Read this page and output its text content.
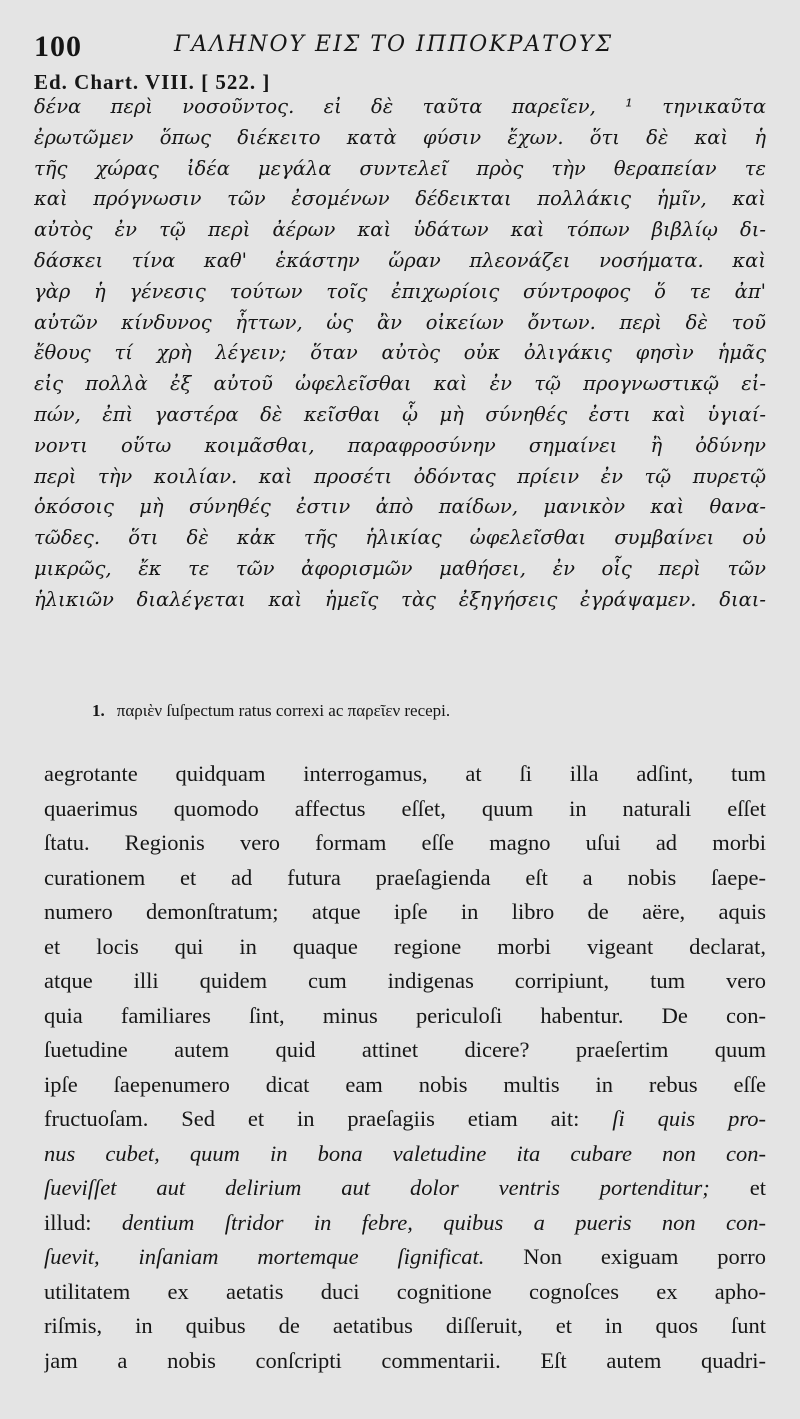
100	ΓΑΛΗΝΟΥ ΕΙΣ ΤΟ ΙΠΠΟΚΡΑΤΟΥΣ
Ed. Chart. VIII. [ 522. ]
δένα περὶ νοσοῦντος. εἰ δὲ ταῦτα παρεῖεν, ¹ τηνικαῦτα
ἐρωτῶμεν ὅπως διέκειτο κατὰ φύσιν ἔχων. ὅτι δὲ καὶ ἡ
τῆς χώρας ἰδέα μεγάλα συντελεῖ πρὸς τὴν θεραπείαν τε
καὶ πρόγνωσιν τῶν ἐσομένων δέδεικται πολλάκις ἡμῖν, καὶ
αὐτὸς ἐν τῷ περὶ ἀέρων καὶ ὑδάτων καὶ τόπων βιβλίῳ δι-
δάσκει τίνα καθ' ἑκάστην ὥραν πλεονάζει νοσήματα. καὶ
γὰρ ἡ γένεσις τούτων τοῖς ἐπιχωρίοις σύντροφος ὅ τε ἀπ'
αὐτῶν κίνδυνος ἧττων, ὡς ἂν οἰκείων ὄντων. περὶ δὲ τοῦ
ἔθους τί χρὴ λέγειν; ὅταν αὐτὸς οὐκ ὀλιγάκις φησὶν ἡμᾶς
εἰς πολλὰ ἐξ αὐτοῦ ὠφελεῖσθαι καὶ ἐν τῷ προγνωστικῷ εἰ-
πών, ἐπὶ γαστέρα δὲ κεῖσθαι ᾧ μὴ σύνηθές ἐστι καὶ ὑγιαί-
νοντι οὕτω κοιμᾶσθαι, παραφροσύνην σημαίνει ἢ ὀδύνην
περὶ τὴν κοιλίαν. καὶ προσέτι ὀδόντας πρίειν ἐν τῷ πυρετῷ
ὁκόσοις μὴ σύνηθές ἐστιν ἀπὸ παίδων, μανικὸν καὶ θανα-
τῶδες. ὅτι δὲ κἀκ τῆς ἡλικίας ὠφελεῖσθαι συμβαίνει οὐ
μικρῶς, ἔκ τε τῶν ἀφορισμῶν μαθήσει, ἐν οἷς περὶ τῶν
ἡλικιῶν διαλέγεται καὶ ἡμεῖς τὰς ἐξηγήσεις ἐγράψαμεν. διαι-
1. παριὲν ſuſpectum ratus correxi ac παρεῖεν recepi.
aegrotante quidquam interrogamus, at ſi illa adſint, tum
quaerimus quomodo affectus eſſet, quum in naturali eſſet
ſtatu. Regionis vero formam eſſe magno uſui ad morbi
curationem et ad futura praeſagienda eſt a nobis ſaepe-
numero demonſtratum; atque ipſe in libro de aëre, aquis
et locis qui in quaque regione morbi vigeant declarat,
atque illi quidem cum indigenas corripiunt, tum vero
quia familiares ſint, minus periculoſi habentur. De con-
ſuetudine autem quid attinet dicere? praeſertim quum
ipſe ſaepenumero dicat eam nobis multis in rebus eſſe
fructuoſam. Sed et in praeſagiis etiam ait: ſi quis pro-
nus cubet, quum in bona valetudine ita cubare non con-
ſueviſſet aut delirium aut dolor ventris portenditur; et
illud: dentium ſtridor in febre, quibus a pueris non con-
ſuevit, inſaniam mortemque ſignificat. Non exiguam porro
utilitatem ex aetatis duci cognitione cognoſces ex apho-
riſmis, in quibus de aetatibus diſſeruit, et in quos ſunt
jam a nobis conſcripti commentarii. Eſt autem quadri-
